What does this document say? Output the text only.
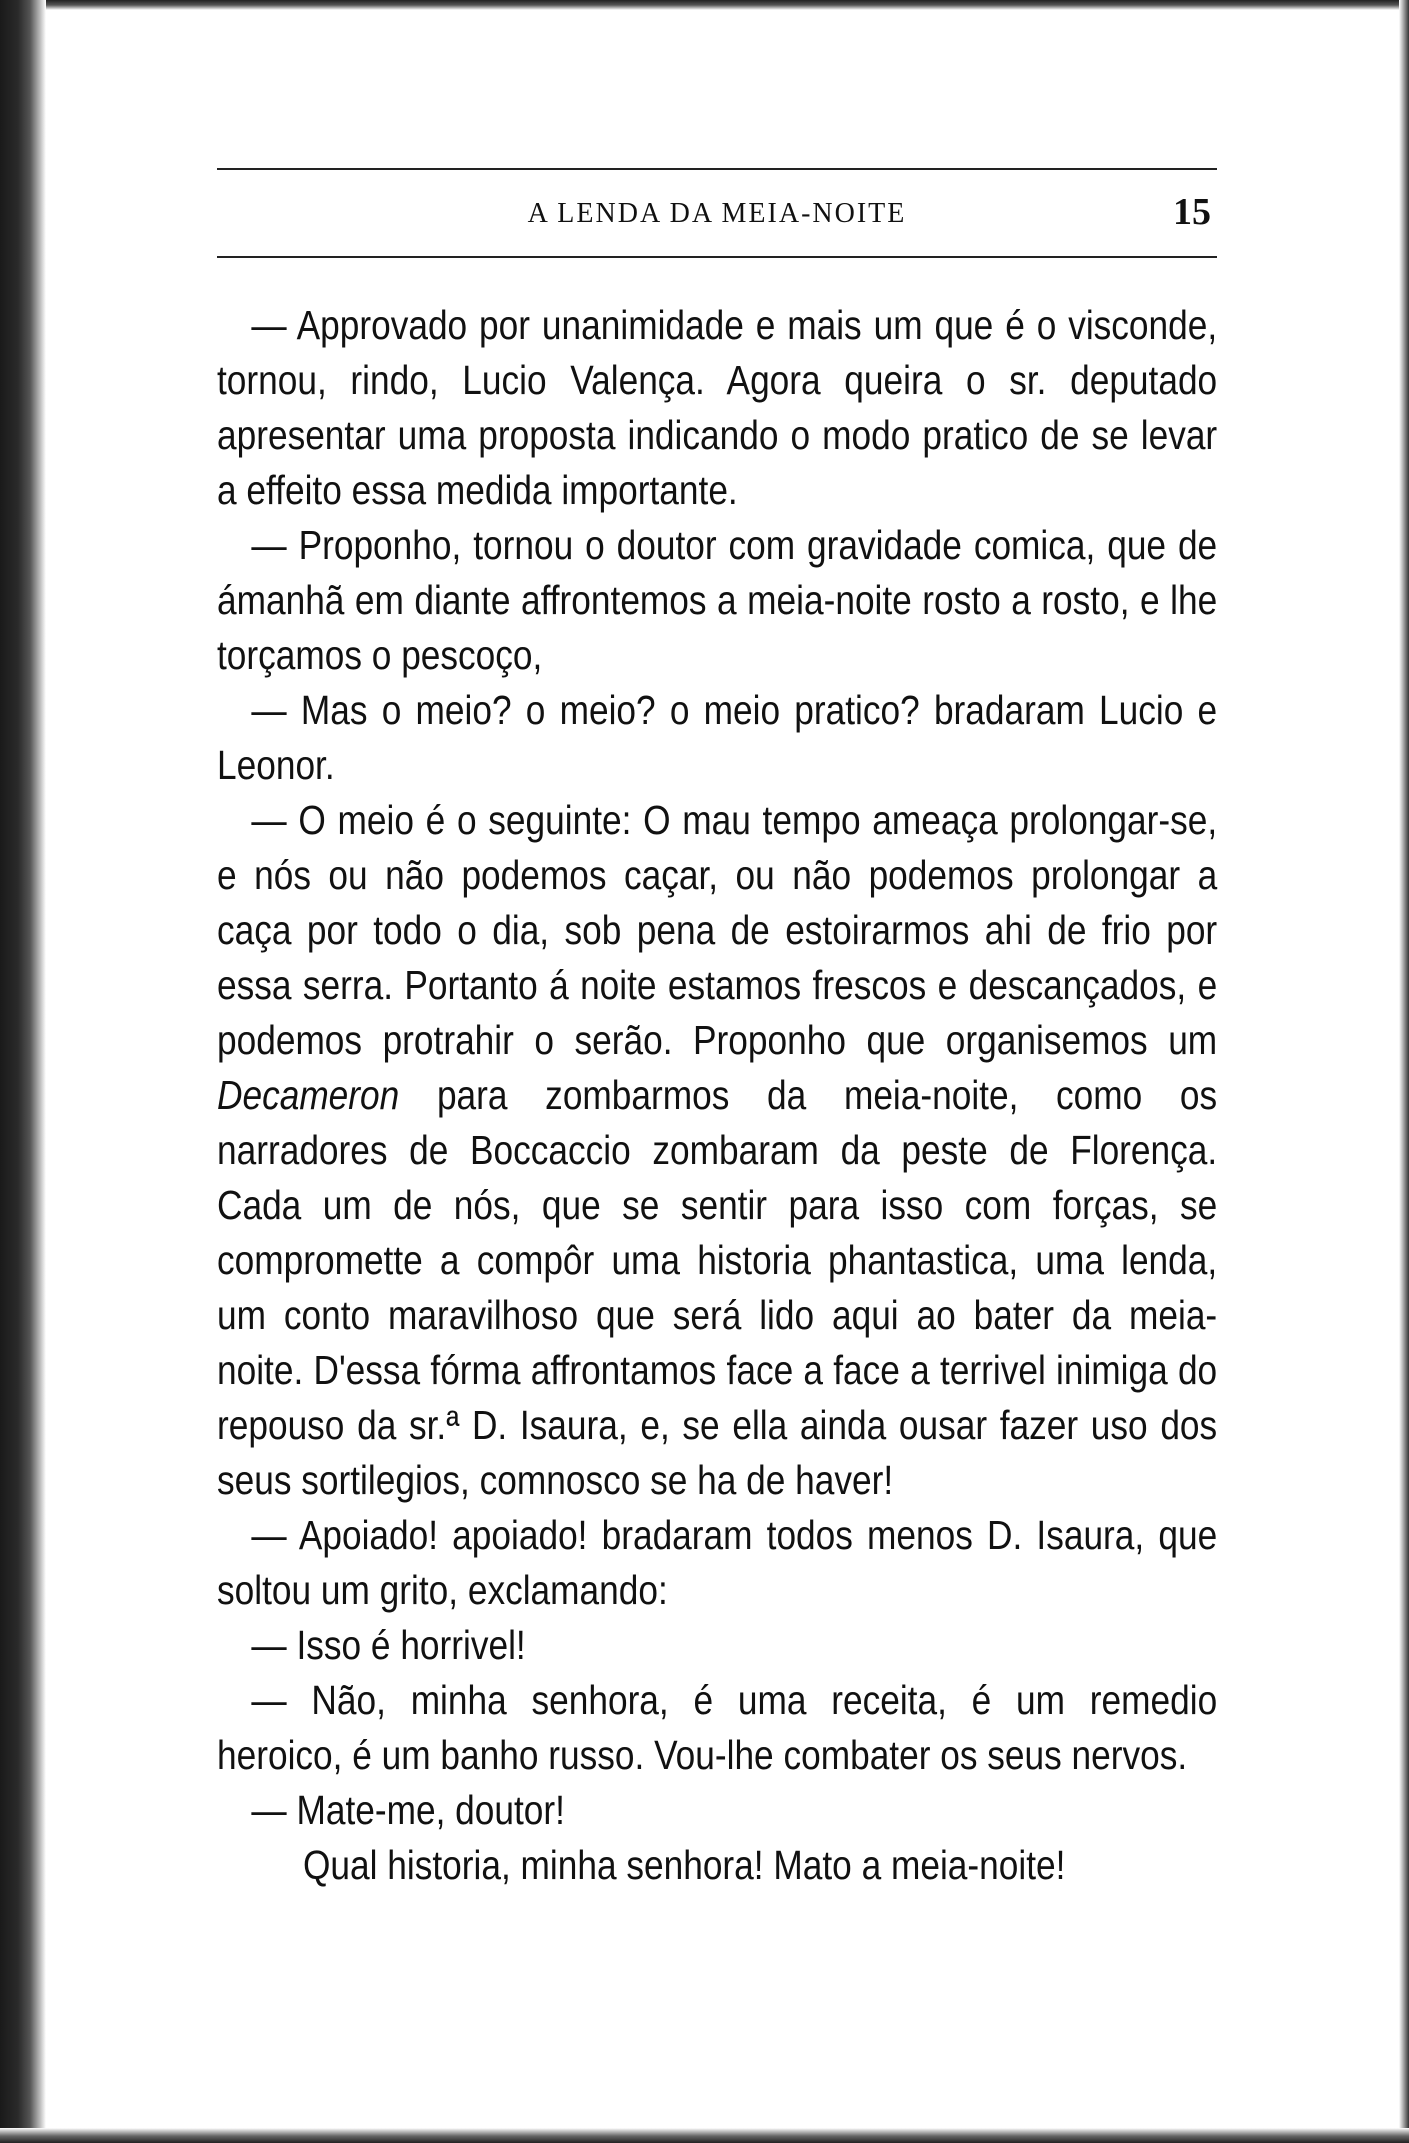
A LENDA DA MEIA-NOITE	15

— Approvado por unanimidade e mais um que é o visconde, tornou, rindo, Lucio Valença. Agora queira o sr. deputado apresentar uma proposta indicando o modo pratico de se levar a effeito essa medida importante.

— Proponho, tornou o doutor com gravidade comica, que de ámanhã em diante affrontemos a meia-noite rosto a rosto, e lhe torçamos o pescoço,

— Mas o meio? o meio? o meio pratico? bradaram Lucio e Leonor.

— O meio é o seguinte: O mau tempo ameaça prolongar-se, e nós ou não podemos caçar, ou não podemos prolongar a caça por todo o dia, sob pena de estoirarmos ahi de frio por essa serra. Portanto á noite estamos frescos e descançados, e podemos protrahir o serão. Proponho que organisemos um Decameron para zombarmos da meia-noite, como os narradores de Boccaccio zombaram da peste de Florença. Cada um de nós, que se sentir para isso com forças, se compromette a compôr uma historia phantastica, uma lenda, um conto maravilhoso que será lido aqui ao bater da meia-noite. D'essa fórma affrontamos face a face a terrivel inimiga do repouso da sr.ª D. Isaura, e, se ella ainda ousar fazer uso dos seus sortilegios, comnosco se ha de haver!

— Apoiado! apoiado! bradaram todos menos D. Isaura, que soltou um grito, exclamando:

— Isso é horrivel!

— Não, minha senhora, é uma receita, é um remedio heroico, é um banho russo. Vou-lhe combater os seus nervos.

— Mate-me, doutor!

Qual historia, minha senhora! Mato a meia-noite!
